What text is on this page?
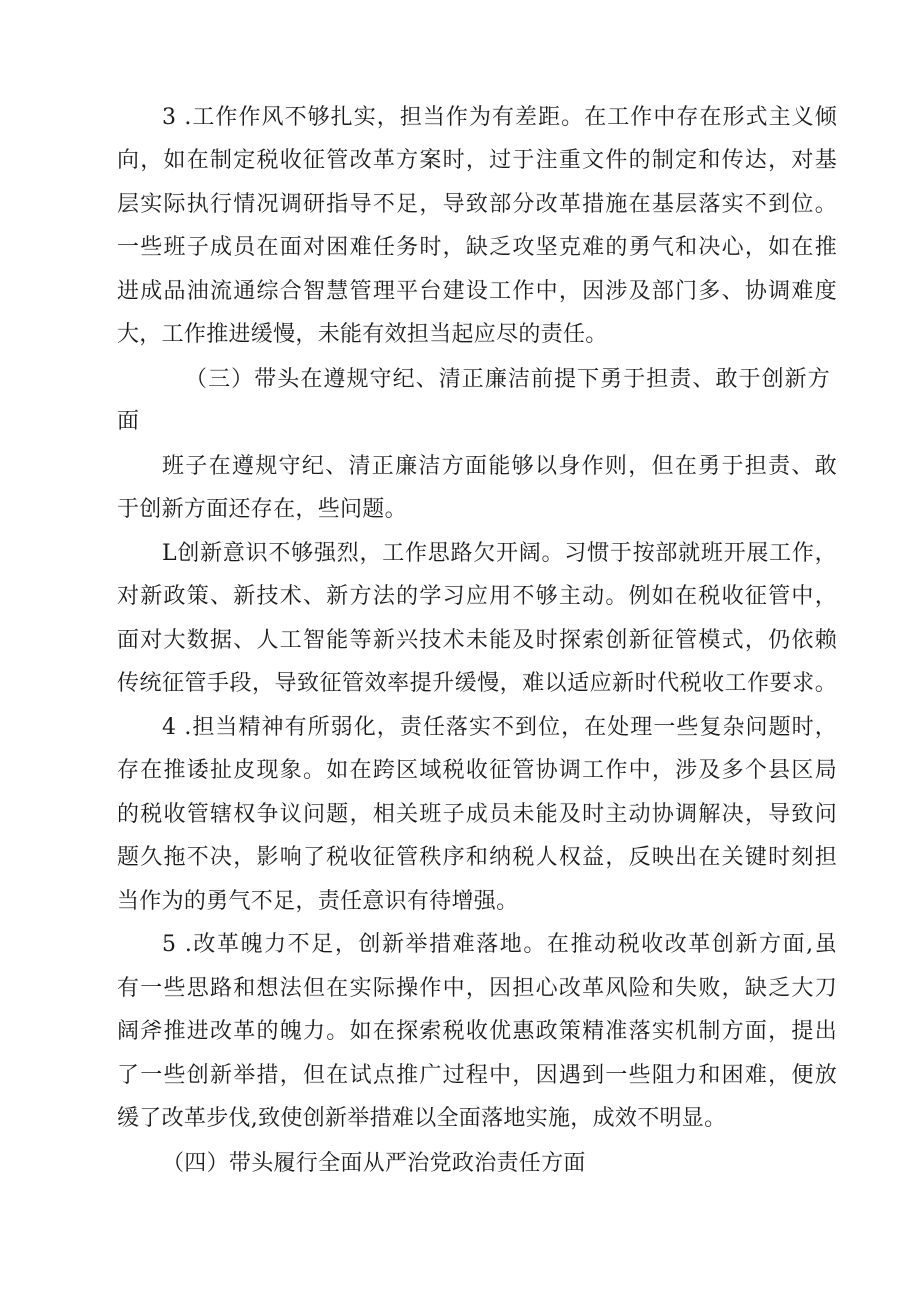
3 .工作作风不够扎实，担当作为有差距。在工作中存在形式主义倾

向，如在制定税收征管改革方案时，过于注重文件的制定和传达，对基

层实际执行情况调研指导不足，导致部分改革措施在基层落实不到位。

一些班子成员在面对困难任务时，缺乏攻坚克难的勇气和决心，如在推

进成品油流通综合智慧管理平台建设工作中，因涉及部门多、协调难度

大，工作推进缓慢，未能有效担当起应尽的责任。

（三）带头在遵规守纪、清正廉洁前提下勇于担责、敢于创新方

面

班子在遵规守纪、清正廉洁方面能够以身作则，但在勇于担责、敢

于创新方面还存在，些问题。

L创新意识不够强烈，工作思路欠开阔。习惯于按部就班开展工作，

对新政策、新技术、新方法的学习应用不够主动。例如在税收征管中，

面对大数据、人工智能等新兴技术未能及时探索创新征管模式，仍依赖

传统征管手段，导致征管效率提升缓慢，难以适应新时代税收工作要求。

4 .担当精神有所弱化，责任落实不到位，在处理一些复杂问题时，

存在推诿扯皮现象。如在跨区域税收征管协调工作中，涉及多个县区局

的税收管辖权争议问题，相关班子成员未能及时主动协调解决，导致问

题久拖不决，影响了税收征管秩序和纳税人权益，反映出在关键时刻担

当作为的勇气不足，责任意识有待增强。

5 .改革魄力不足，创新举措难落地。在推动税收改革创新方面,虽

有一些思路和想法但在实际操作中，因担心改革风险和失败，缺乏大刀

阔斧推进改革的魄力。如在探索税收优惠政策精准落实机制方面，提出

了一些创新举措，但在试点推广过程中，因遇到一些阻力和困难，便放

缓了改革步伐,致使创新举措难以全面落地实施，成效不明显。

（四）带头履行全面从严治党政治责任方面
